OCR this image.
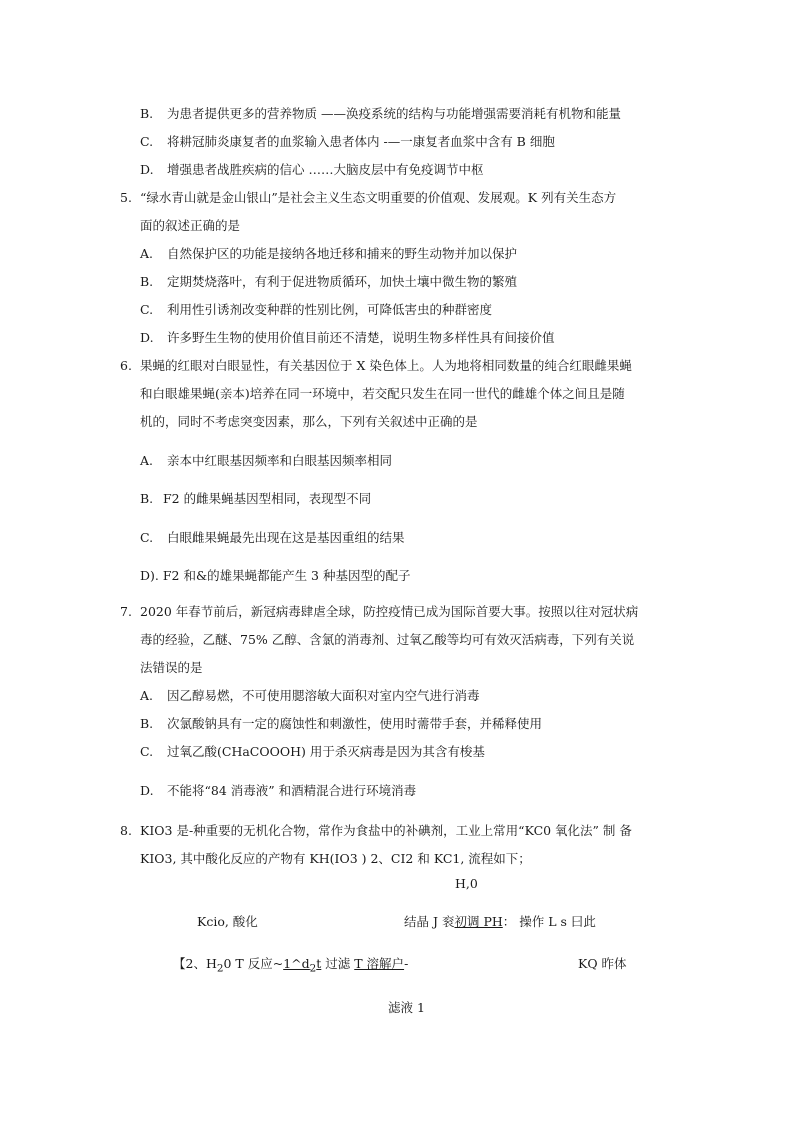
B. 为患者提供更多的营养物质 ——涣疫系统的结构与功能增强需要消耗有机物和能量
C. 将耕冠肺炎康复者的血浆输入患者体内 -—一康复者血浆中含有 B 细胞
D. 增强患者战胜疾病的信心 ……大脑皮层中有免疫调节中枢
5. “绿水青山就是金山银山”是社会主义生态文明重要的价值观、发展观。K 列有关生态方
面的叙述正确的是
A. 自然保护区的功能是接纳各地迁移和捕来的野生动物并加以保护
B. 定期焚烧落叶，有利于促进物质循环，加快土壤中微生物的繁殖
C. 利用性引诱剂改变种群的性别比例，可降低害虫的种群密度
D. 许多野生生物的使用价值目前还不清楚，说明生物多样性具有间接价值
6. 果蝇的红眼对白眼显性，有关基因位于 X 染色体上。人为地将相同数量的纯合红眼雌果蝇
和白眼雄果蝇(亲本)培养在同一环境中，若交配只发生在同一世代的雌雄个体之间且是随
机的，同时不考虑突变因素，那么，下列有关叙述中正确的是
A. 亲本中红眼基因频率和白眼基因频率相同
B. F2 的雌果蝇基因型相同，表现型不同
C. 白眼雌果蝇最先出现在这是基因重组的结果
D). F2 和&的雄果蝇都能产生 3 种基因型的配子
7. 2020 年春节前后，新冠病毒肆虐全球，防控疫情已成为国际首要大事。按照以往对冠状病
毒的经验，乙醚、75% 乙醇、含氯的消毒剂、过氧乙酸等均可有效灭活病毒，下列有关说
法错误的是
A. 因乙醇易燃，不可使用腮溶敏大面积对室内空气进行消毒
B. 次氯酸钠具有一定的腐蚀性和刺激性，使用时薷带手套，并稀释使用
C. 过氧乙酸(CHaCOOOH) 用于杀灭病毒是因为其含有梭基
D. 不能将“84 消毒液” 和酒精混合进行环境消毒
8. KIO3 是-种重要的无机化合物，常作为食盐中的补碘剂，工业上常用“KC0 氧化法” 制 备
KIO3, 其中酸化反应的产物有 KH(IO3 ) 2、CI2 和 KC1, 流程如下；
H,0
Kcio, 酸化	结晶 J 衮初调 PH： 操作 L s 曰此
【2、$H_20$ T 反应$\sim 1\^{}d_2t$ 过滤 T 溶解户-	KQ 昨体
滤液 1
